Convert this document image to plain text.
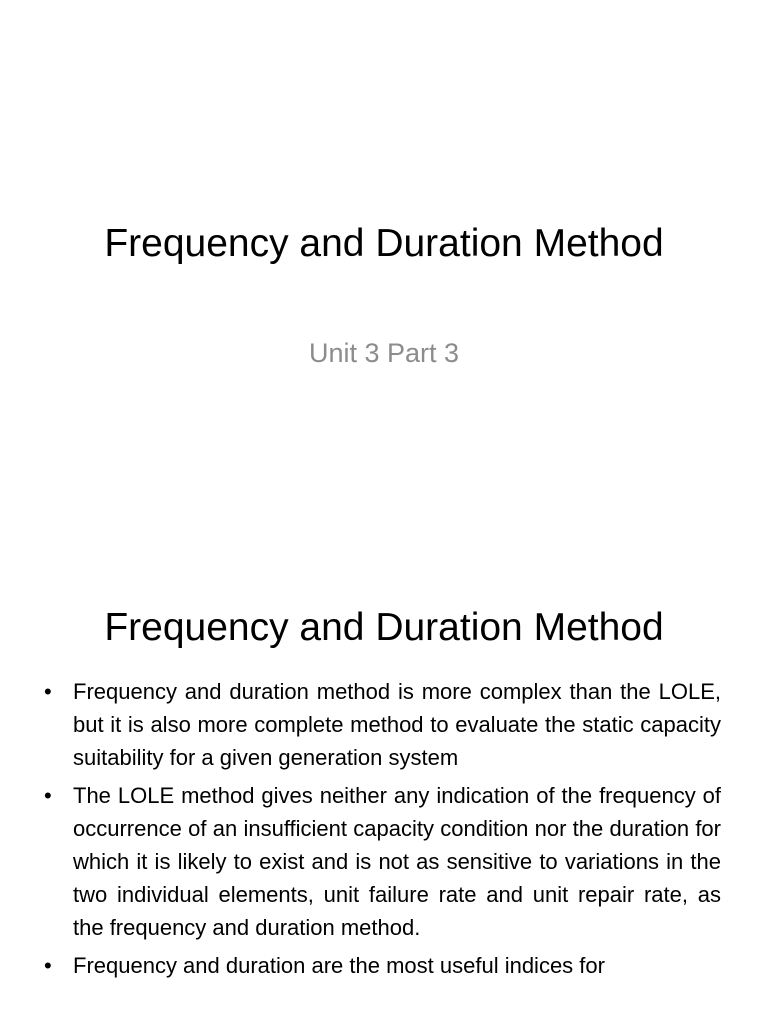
Frequency and Duration Method
Unit 3 Part 3
Frequency and Duration Method
• Frequency and duration method is more complex than the LOLE, but it is also more complete method to evaluate the static capacity suitability for a given generation system
• The LOLE method gives neither any indication of the frequency of occurrence of an insufficient capacity condition nor the duration for which it is likely to exist and is not as sensitive to variations in the two individual elements, unit failure rate and unit repair rate, as the frequency and duration method.
• Frequency and duration are the most useful indices for
